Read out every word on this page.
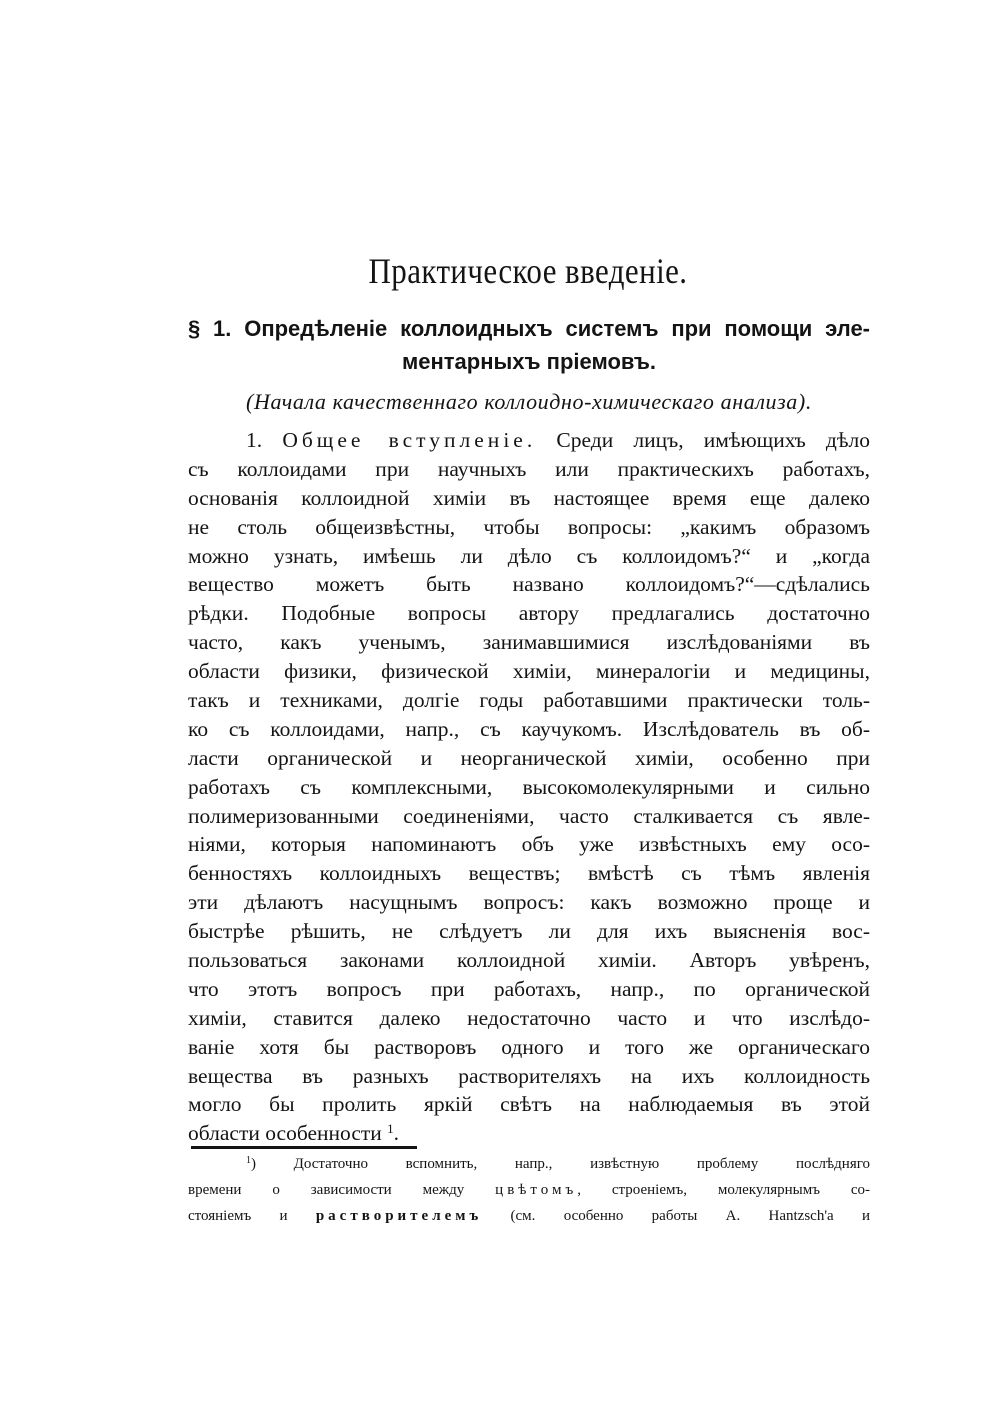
Практическое введеніе.
§ 1. Опредѣленіе коллоидныхъ системъ при помощи эле-
ментарныхъ пріемовъ.
(Начала качественнаго коллоидно-химическаго анализа).
1. Общее вступленіе. Среди лицъ, имѣющихъ дѣло
съ коллоидами при научныхъ или практическихъ работахъ,
основанія коллоидной химіи въ настоящее время еще далеко
не столь общеизвѣстны, чтобы вопросы: „какимъ образомъ
можно узнать, имѣешь ли дѣло съ коллоидомъ?“ и „когда
вещество можетъ быть названо коллоидомъ?“—сдѣлались
рѣдки. Подобные вопросы автору предлагались достаточно
часто, какъ ученымъ, занимавшимися изслѣдованіями въ
области физики, физической химіи, минералогіи и медицины,
такъ и техниками, долгіе годы работавшими практически толь-
ко съ коллоидами, напр., съ каучукомъ. Изслѣдователь въ об-
ласти органической и неорганической химіи, особенно при
работахъ съ комплексными, высокомолекулярными и сильно
полимеризованными соединеніями, часто сталкивается съ явле-
ніями, которыя напоминаютъ объ уже извѣстныхъ ему осо-
бенностяхъ коллоидныхъ веществъ; вмѣстѣ съ тѣмъ явленія
эти дѣлаютъ насущнымъ вопросъ: какъ возможно проще и
быстрѣе рѣшить, не слѣдуетъ ли для ихъ выясненія вос-
пользоваться законами коллоидной химіи. Авторъ увѣренъ,
что этотъ вопросъ при работахъ, напр., по органической
химіи, ставится далеко недостаточно часто и что изслѣдо-
ваніе хотя бы растворовъ одного и того же органическаго
вещества въ разныхъ растворителяхъ на ихъ коллоидность
могло бы пролить яркій свѣтъ на наблюдаемыя въ этой
области особенности $^1$.
$^1$) Достаточно вспомнить, напр., извѣстную проблему послѣдняго
времени о зависимости между цвѣтомъ, строеніемъ, молекулярнымъ со-
стояніемъ и растворителемъ (см. особенно работы A. Hantzsch'а и
